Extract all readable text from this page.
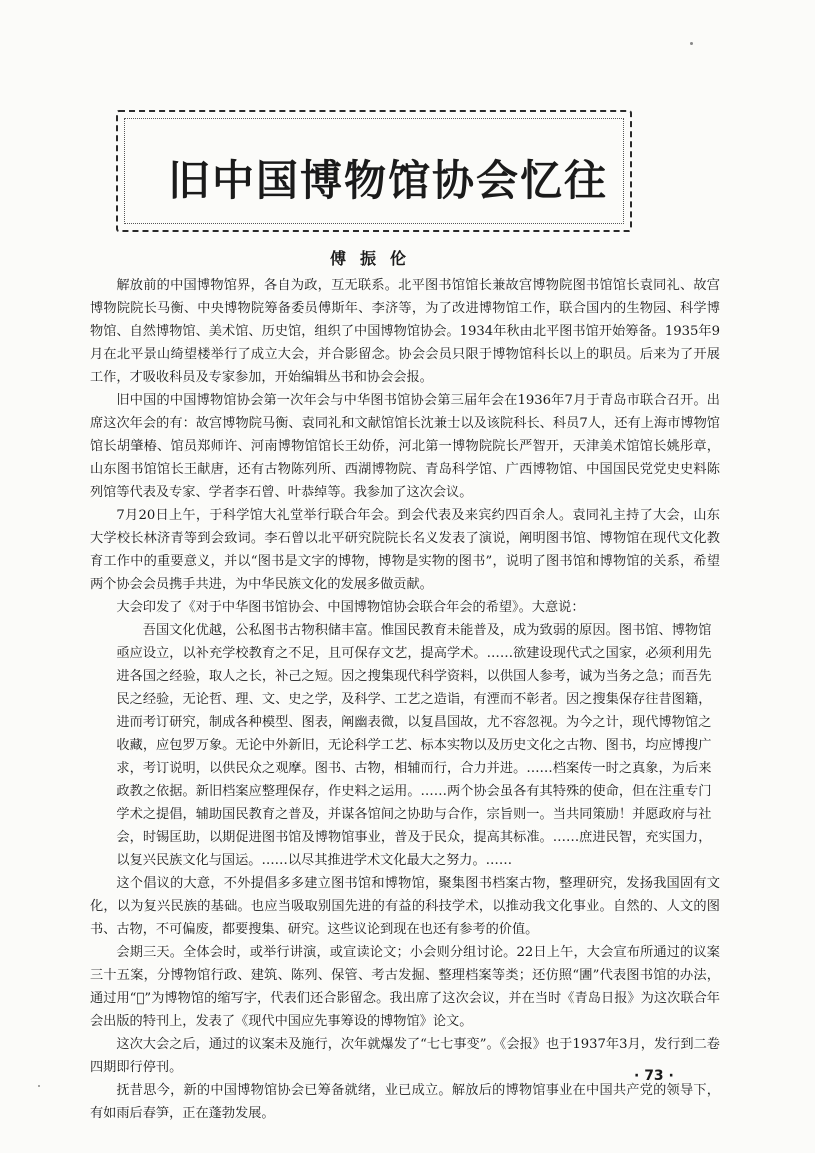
旧中国博物馆协会忆往
傅振伦

解放前的中国博物馆界，各自为政，互无联系。北平图书馆馆长兼故宫博物院图书馆馆长袁同礼、故宫博物院院长马衡、中央博物院筹备委员傅斯年、李济等，为了改进博物馆工作，联合国内的生物园、科学博物馆、自然博物馆、美术馆、历史馆，组织了中国博物馆协会。1934年秋由北平图书馆开始筹备。1935年9月在北平景山绮望楼举行了成立大会，并合影留念。协会会员只限于博物馆科长以上的职员。后来为了开展工作，才吸收科员及专家参加，开始编辑丛书和协会会报。

旧中国的中国博物馆协会第一次年会与中华图书馆协会第三届年会在1936年7月于青岛市联合召开。出席这次年会的有：故宫博物院马衡、袁同礼和文献馆馆长沈兼士以及该院科长、科员7人，还有上海市博物馆馆长胡肇椿、馆员郑师许、河南博物馆馆长王幼侨，河北第一博物院院长严智开，天津美术馆馆长姚彤章，山东图书馆馆长王献唐，还有古物陈列所、西湖博物院、青岛科学馆、广西博物馆、中国国民党党史史料陈列馆等代表及专家、学者李石曾、叶恭绰等。我参加了这次会议。

7月20日上午，于科学馆大礼堂举行联合年会。到会代表及来宾约四百余人。袁同礼主持了大会，山东大学校长林济青等到会致词。李石曾以北平研究院院长名义发表了演说，阐明图书馆、博物馆在现代文化教育工作中的重要意义，并以“图书是文字的博物，博物是实物的图书”，说明了图书馆和博物馆的关系，希望两个协会会员携手共进，为中华民族文化的发展多做贡献。

大会印发了《对于中华图书馆协会、中国博物馆协会联合年会的希望》。大意说：

吾国文化优越，公私图书古物积储丰富。惟国民教育未能普及，成为致弱的原因。图书馆、博物馆亟应设立，以补充学校教育之不足，且可保存文艺，提高学术。……欲建设现代式之国家，必须利用先进各国之经验，取人之长，补己之短。因之搜集现代科学资料，以供国人参考，诚为当务之急；而吾先民之经验，无论哲、理、文、史之学，及科学、工艺之造诣，有湮而不彰者。因之搜集保存往昔图籍，进而考订研究，制成各种模型、图表，阐幽表微，以复昌国故，尤不容忽视。为今之计，现代博物馆之收藏，应包罗万象。无论中外新旧，无论科学工艺、标本实物以及历史文化之古物、图书，均应博搜广求，考订说明，以供民众之观摩。图书、古物，相辅而行，合力并进。……档案传一时之真象，为后来政教之依据。新旧档案应整理保存，作史料之运用。……两个协会虽各有其特殊的使命，但在注重专门学术之提倡，辅助国民教育之普及，并谋各馆间之协助与合作，宗旨则一。当共同策励！并愿政府与社会，时锡匡助，以期促进图书馆及博物馆事业，普及于民众，提高其标准。……庶进民智，充实国力，以复兴民族文化与国运。……以尽其推进学术文化最大之努力。……

这个倡议的大意，不外提倡多多建立图书馆和博物馆，聚集图书档案古物，整理研究，发扬我国固有文化，以为复兴民族的基础。也应当吸取别国先进的有益的科技学术，以推动我文化事业。自然的、人文的图书、古物，不可偏废，都要搜集、研究。这些议论到现在也还有参考的价值。

会期三天。全体会时，或举行讲演，或宣读论文；小会则分组讨论。22日上午，大会宣布所通过的议案三十五案，分博物馆行政、建筑、陈列、保管、考古发掘、整理档案等类；还仿照“圕”代表图书馆的办法，通过用“𫓨”为博物馆的缩写字，代表们还合影留念。我出席了这次会议，并在当时《青岛日报》为这次联合年会出版的特刊上，发表了《现代中国应先事筹设的博物馆》论文。

这次大会之后，通过的议案未及施行，次年就爆发了“七七事变”。《会报》也于1937年3月，发行到二卷四期即行停刊。

抚昔思今，新的中国博物馆协会已筹备就绪，业已成立。解放后的博物馆事业在中国共产党的领导下，有如雨后春笋，正在蓬勃发展。

· 73 ·
